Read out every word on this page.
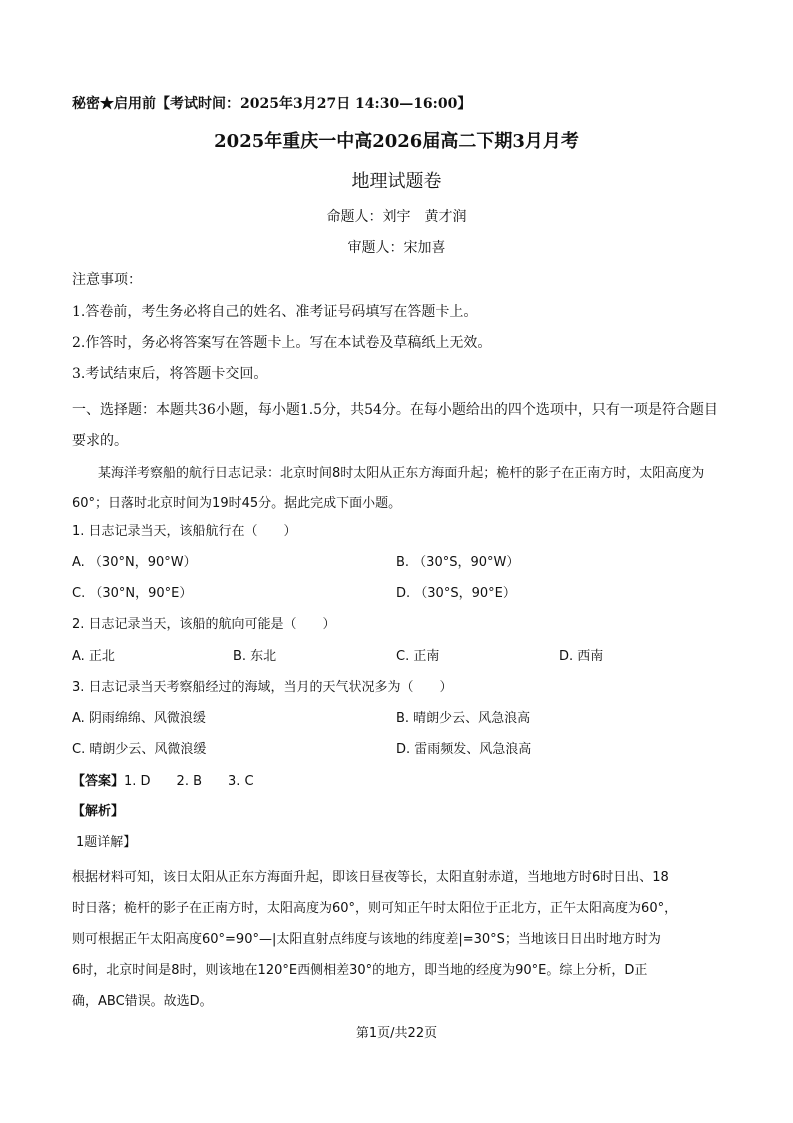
秘密★启用前【考试时间：2025年3月27日 14:30—16:00】
2025年重庆一中高2026届高二下期3月月考
地理试题卷
命题人：刘宇　黄才润
审题人：宋加喜
注意事项：
1.答卷前，考生务必将自己的姓名、准考证号码填写在答题卡上。
2.作答时，务必将答案写在答题卡上。写在本试卷及草稿纸上无效。
3.考试结束后，将答题卡交回。
一、选择题：本题共36小题，每小题1.5分，共54分。在每小题给出的四个选项中，只有一项是符合题目要求的。
某海洋考察船的航行日志记录：北京时间8时太阳从正东方海面升起；桅杆的影子在正南方时，太阳高度为60°；日落时北京时间为19时45分。据此完成下面小题。
1. 日志记录当天，该船航行在（　　）
A. （30°N，90°W）	B. （30°S，90°W）
C. （30°N，90°E）	D. （30°S，90°E）
2. 日志记录当天，该船的航向可能是（　　）
A. 正北	B. 东北	C. 正南	D. 西南
3. 日志记录当天考察船经过的海域，当月的天气状况多为（　　）
A. 阴雨绵绵、风微浪缓	B. 晴朗少云、风急浪高
C. 晴朗少云、风微浪缓	D. 雷雨频发、风急浪高
【答案】1. D　　2. B　　3. C
【解析】
1题详解】
根据材料可知，该日太阳从正东方海面升起，即该日昼夜等长，太阳直射赤道，当地地方时6时日出、18
时日落；桅杆的影子在正南方时，太阳高度为60°，则可知正午时太阳位于正北方，正午太阳高度为60°，
则可根据正午太阳高度60°=90°—|太阳直射点纬度与该地的纬度差|=30°S；当地该日日出时地方时为
6时，北京时间是8时，则该地在120°E西侧相差30°的地方，即当地的经度为90°E。综上分析，D正
确，ABC错误。故选D。
第1页/共22页
